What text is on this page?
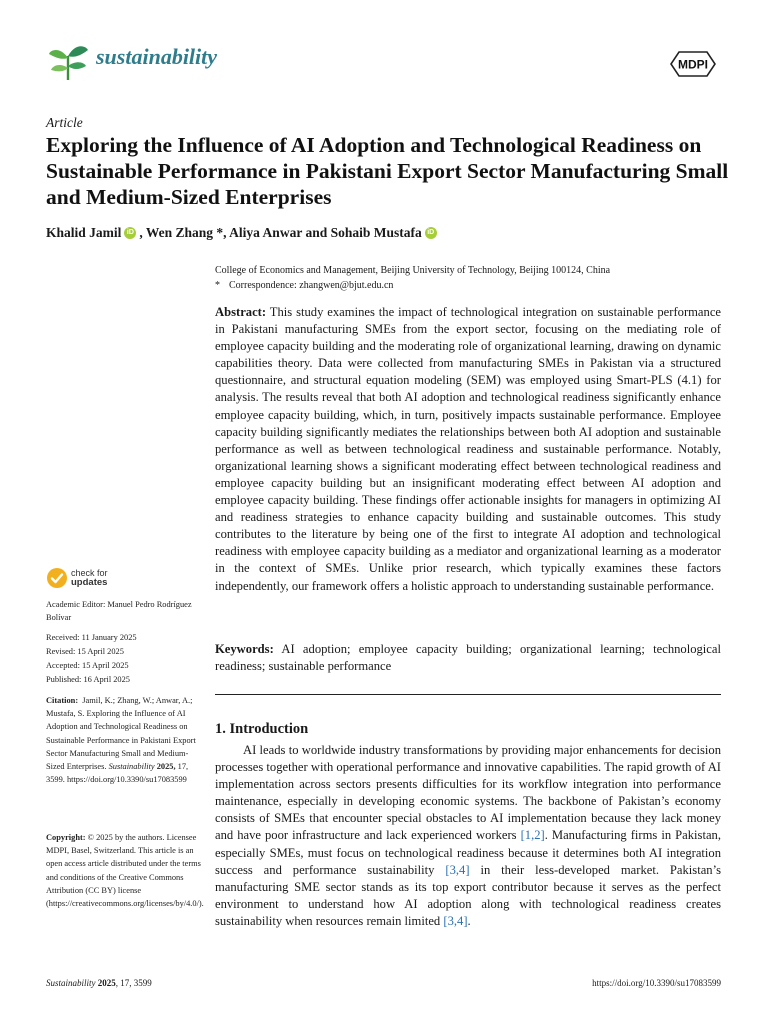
sustainability	MDPI
Article
Exploring the Influence of AI Adoption and Technological Readiness on Sustainable Performance in Pakistani Export Sector Manufacturing Small and Medium-Sized Enterprises
Khalid Jamil iD , Wen Zhang *, Aliya Anwar and Sohaib Mustafa iD
College of Economics and Management, Beijing University of Technology, Beijing 100124, China
* Correspondence: zhangwen@bjut.edu.cn
Abstract: This study examines the impact of technological integration on sustainable performance in Pakistani manufacturing SMEs from the export sector, focusing on the mediating role of employee capacity building and the moderating role of organizational learning, drawing on dynamic capabilities theory. Data were collected from manufacturing SMEs in Pakistan via a structured questionnaire, and structural equation modeling (SEM) was employed using Smart-PLS (4.1) for analysis. The results reveal that both AI adoption and technological readiness significantly enhance employee capacity building, which, in turn, positively impacts sustainable performance. Employee capacity building significantly mediates the relationships between both AI adoption and sustainable performance as well as between technological readiness and sustainable performance. Notably, organizational learning shows a significant moderating effect between technological readiness and employee capacity building but an insignificant moderating effect between AI adoption and employee capacity building. These findings offer actionable insights for managers in optimizing AI and readiness strategies to enhance capacity building and sustainable outcomes. This study contributes to the literature by being one of the first to integrate AI adoption and technological readiness with employee capacity building as a mediator and organizational learning as a moderator in the context of SMEs. Unlike prior research, which typically examines these factors independently, our framework offers a holistic approach to understanding sustainable performance.
Keywords: AI adoption; employee capacity building; organizational learning; technological readiness; sustainable performance
1. Introduction
AI leads to worldwide industry transformations by providing major enhancements for decision processes together with operational performance and innovative capabilities. The rapid growth of AI implementation across sectors presents difficulties for its workflow integration into performance maintenance, especially in developing economic systems. The backbone of Pakistan’s economy consists of SMEs that encounter special obstacles to AI implementation because they lack money and have poor infrastructure and lack experienced workers [1,2]. Manufacturing firms in Pakistan, especially SMEs, must focus on technological readiness because it determines both AI integration success and performance sustainability [3,4] in their less-developed market. Pakistan’s manufacturing SME sector stands as its top export contributor because it serves as the perfect environment to understand how AI adoption along with technological readiness creates sustainability when resources remain limited [3,4].
check for
updates
Academic Editor: Manuel Pedro Rodríguez Bolívar
Received: 11 January 2025
Revised: 15 April 2025
Accepted: 15 April 2025
Published: 16 April 2025
Citation: Jamil, K.; Zhang, W.; Anwar, A.; Mustafa, S. Exploring the Influence of AI Adoption and Technological Readiness on Sustainable Performance in Pakistani Export Sector Manufacturing Small and Medium-Sized Enterprises. Sustainability 2025, 17, 3599. https://doi.org/10.3390/su17083599
Copyright: © 2025 by the authors. Licensee MDPI, Basel, Switzerland. This article is an open access article distributed under the terms and conditions of the Creative Commons Attribution (CC BY) license (https://creativecommons.org/licenses/by/4.0/).
Sustainability 2025, 17, 3599	https://doi.org/10.3390/su17083599
